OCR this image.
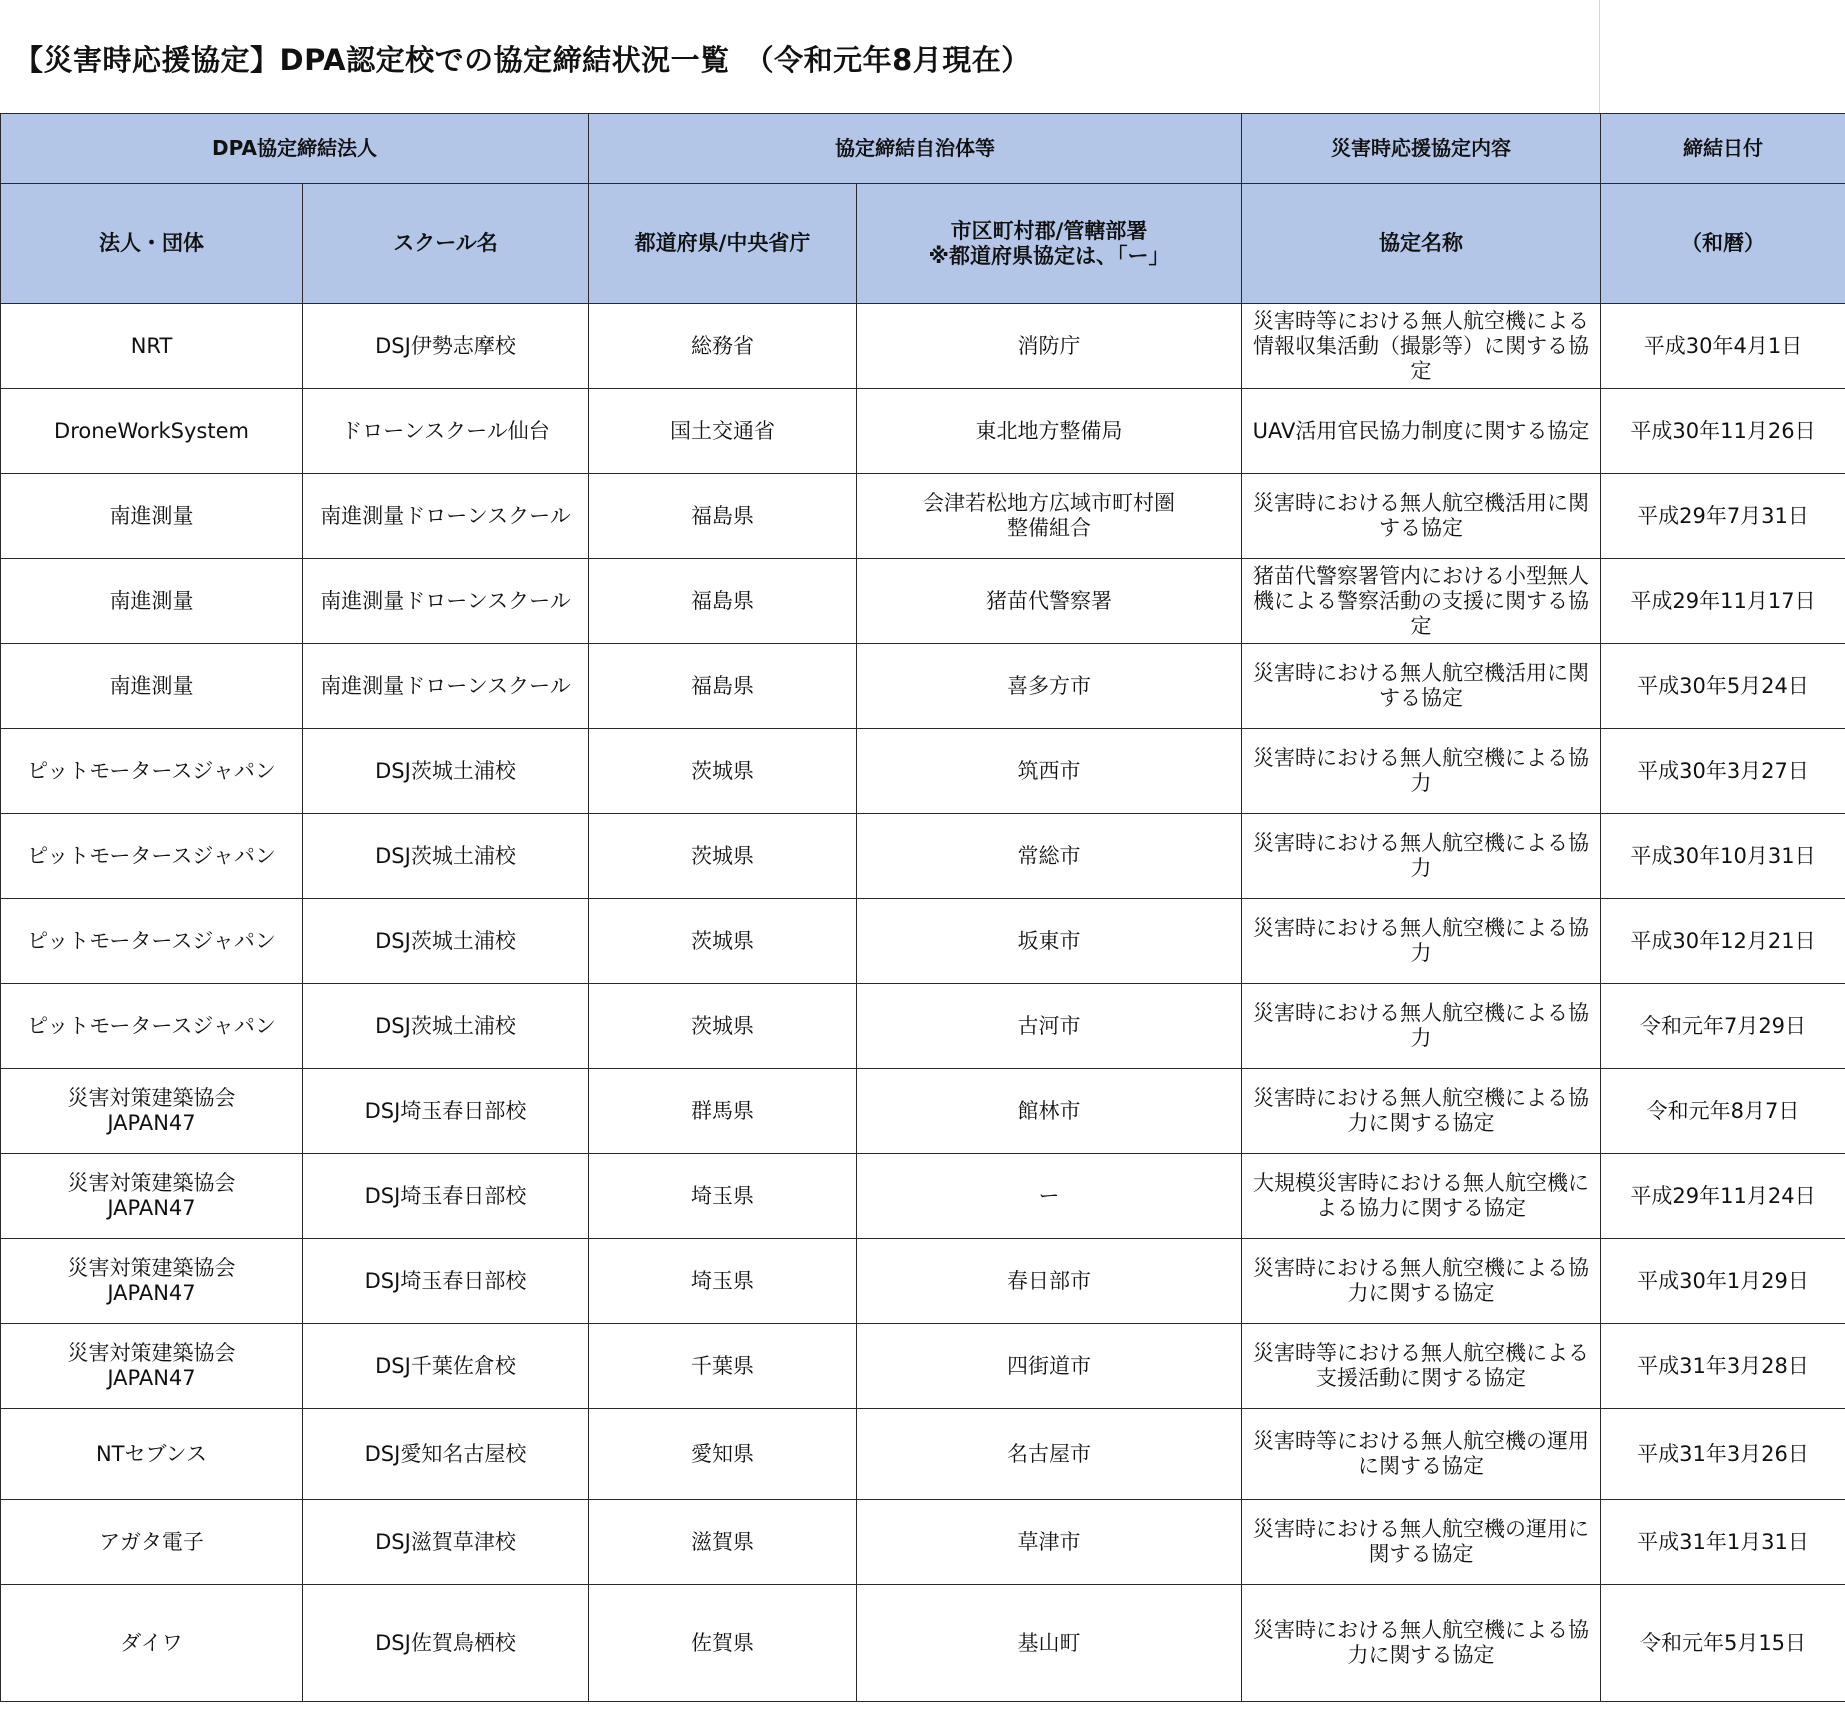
【災害時応援協定】DPA認定校での協定締結状況一覧　（令和元年8月現在）
DPA協定締結法人		協定締結自治体等		災害時応援協定内容	締結日付
法人・団体	スクール名	都道府県/中央省庁	市区町村郡/管轄部署
※都道府県協定は、「ー」	協定名称	（和暦）
NRT	DSJ伊勢志摩校	総務省	消防庁	災害時等における無人航空機による
情報収集活動（撮影等）に関する協定	平成30年4月1日
DroneWorkSystem	ドローンスクール仙台	国土交通省	東北地方整備局	UAV活用官民協力制度に関する協定	平成30年11月26日
南進測量	南進測量ドローンスクール	福島県	会津若松地方広域市町村圏
整備組合	災害時における無人航空機活用に関
する協定	平成29年7月31日
南進測量	南進測量ドローンスクール	福島県	猪苗代警察署	猪苗代警察署管内における小型無人
機による警察活動の支援に関する協
定	平成29年11月17日
南進測量	南進測量ドローンスクール	福島県	喜多方市	災害時における無人航空機活用に関
する協定	平成30年5月24日
ピットモータースジャパン	DSJ茨城土浦校	茨城県	筑西市	災害時における無人航空機による協
力	平成30年3月27日
ピットモータースジャパン	DSJ茨城土浦校	茨城県	常総市	災害時における無人航空機による協
力	平成30年10月31日
ピットモータースジャパン	DSJ茨城土浦校	茨城県	坂東市	災害時における無人航空機による協
力	平成30年12月21日
ピットモータースジャパン	DSJ茨城土浦校	茨城県	古河市	災害時における無人航空機による協
力	令和元年7月29日
災害対策建築協会
JAPAN47	DSJ埼玉春日部校	群馬県	館林市	災害時における無人航空機による協
力に関する協定	令和元年8月7日
災害対策建築協会
JAPAN47	DSJ埼玉春日部校	埼玉県	ー	大規模災害時における無人航空機に
よる協力に関する協定	平成29年11月24日
災害対策建築協会
JAPAN47	DSJ埼玉春日部校	埼玉県	春日部市	災害時における無人航空機による協
力に関する協定	平成30年1月29日
災害対策建築協会
JAPAN47	DSJ千葉佐倉校	千葉県	四街道市	災害時等における無人航空機による
支援活動に関する協定	平成31年3月28日
NTセブンス	DSJ愛知名古屋校	愛知県	名古屋市	災害時等における無人航空機の運用
に関する協定	平成31年3月26日
アガタ電子	DSJ滋賀草津校	滋賀県	草津市	災害時における無人航空機の運用に
関する協定	平成31年1月31日
ダイワ	DSJ佐賀鳥栖校	佐賀県	基山町	災害時における無人航空機による協
力に関する協定	令和元年5月15日
